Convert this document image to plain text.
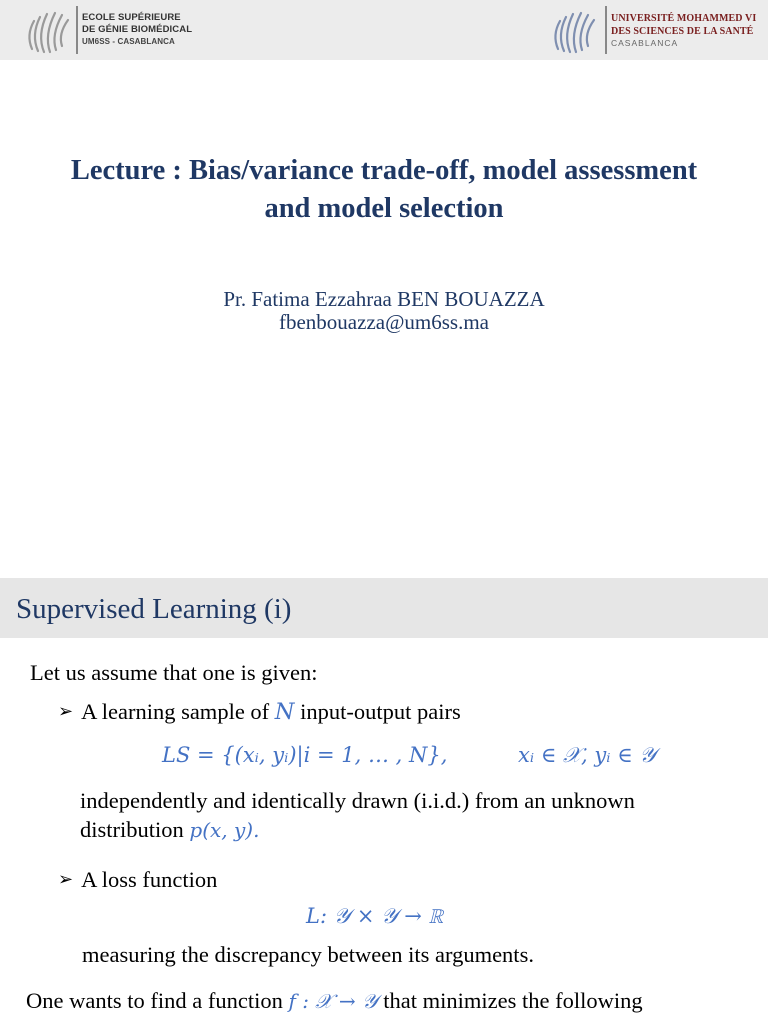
ECOLE SUPÉRIEURE
DE GÉNIE BIOMÉDICAL
UM6SS - CASABLANCA
UNIVERSITÉ MOHAMMED VI
DES SCIENCES DE LA SANTÉ
CASABLANCA
Lecture : Bias/variance trade-off, model assessment
and model selection
Pr. Fatima Ezzahraa BEN BOUAZZA
fbenbouazza@um6ss.ma
Supervised Learning (i)
Let us assume that one is given:
➢ A learning sample of N input-output pairs
LS = {(xᵢ, yᵢ)|i = 1, … , N},	xᵢ ∈ 𝒳, yᵢ ∈ 𝒴
independently and identically drawn (i.i.d.) from an unknown
distribution p(x, y).
➢ A loss function
L: 𝒴 × 𝒴 → ℝ
measuring the discrepancy between its arguments.
One wants to find a function f : 𝒳 → 𝒴 that minimizes the following
